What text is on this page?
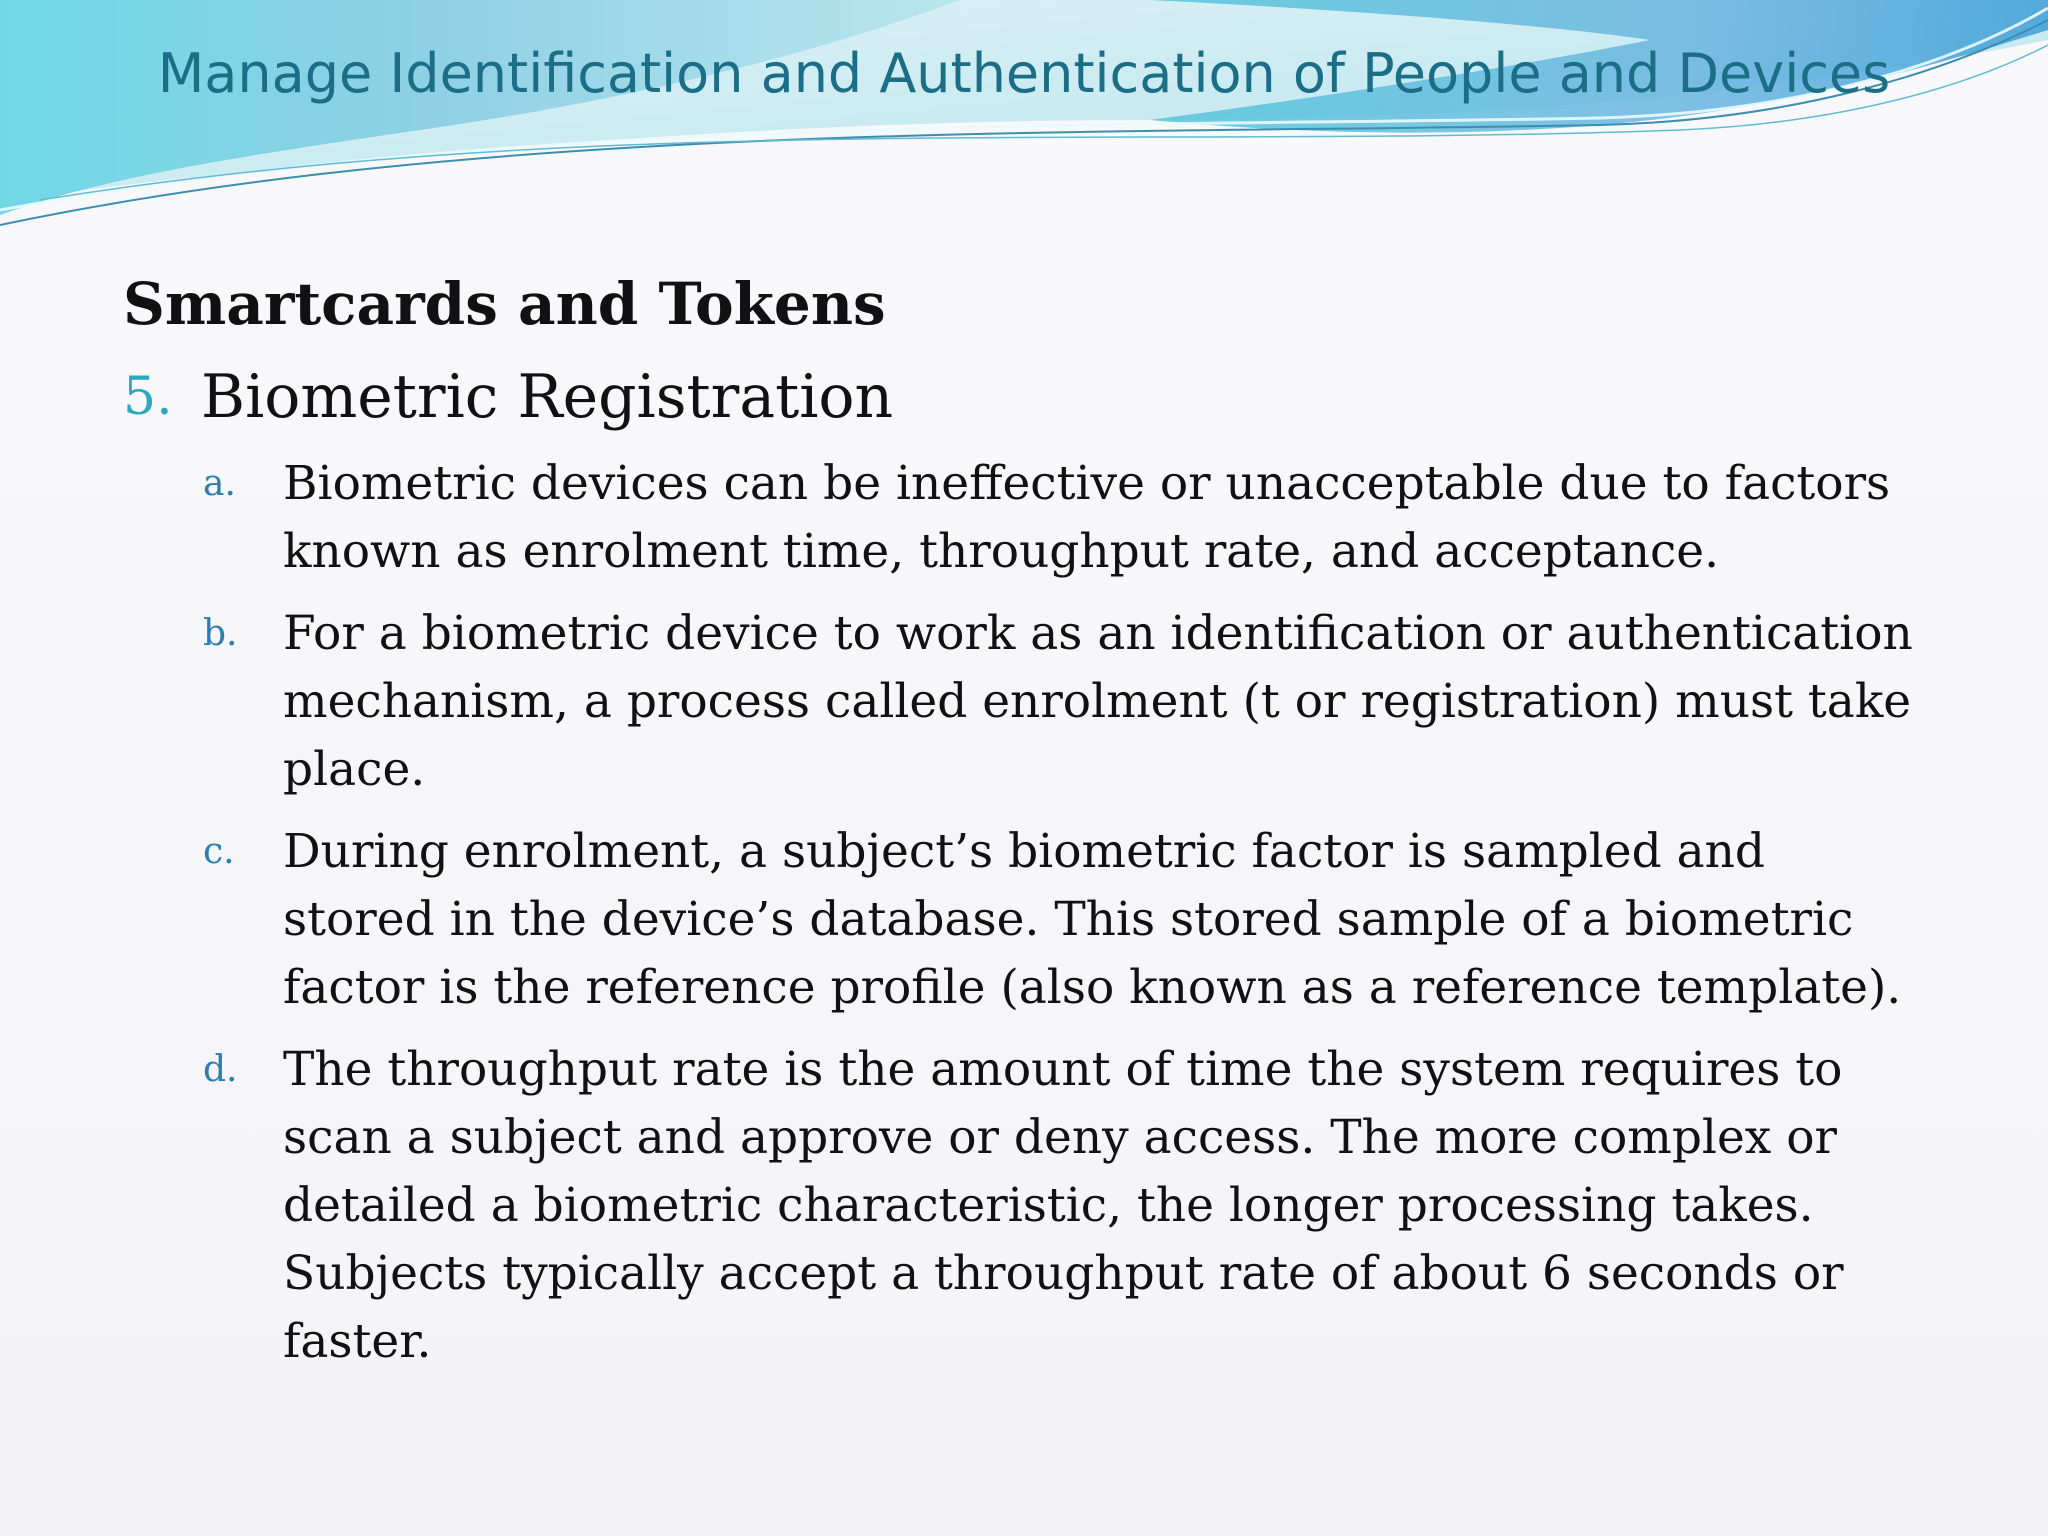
Manage Identification and Authentication of People and Devices
Smartcards and Tokens
5. Biometric Registration
a. Biometric devices can be ineffective or unacceptable due to factors known as enrolment time, throughput rate, and acceptance.
b. For a biometric device to work as an identification or authentication mechanism, a process called enrolment (t or registration) must take place.
c. During enrolment, a subject’s biometric factor is sampled and stored in the device’s database. This stored sample of a biometric factor is the reference profile (also known as a reference template).
d. The throughput rate is the amount of time the system requires to scan a subject and approve or deny access. The more complex or detailed a biometric characteristic, the longer processing takes. Subjects typically accept a throughput rate of about 6 seconds or faster.
